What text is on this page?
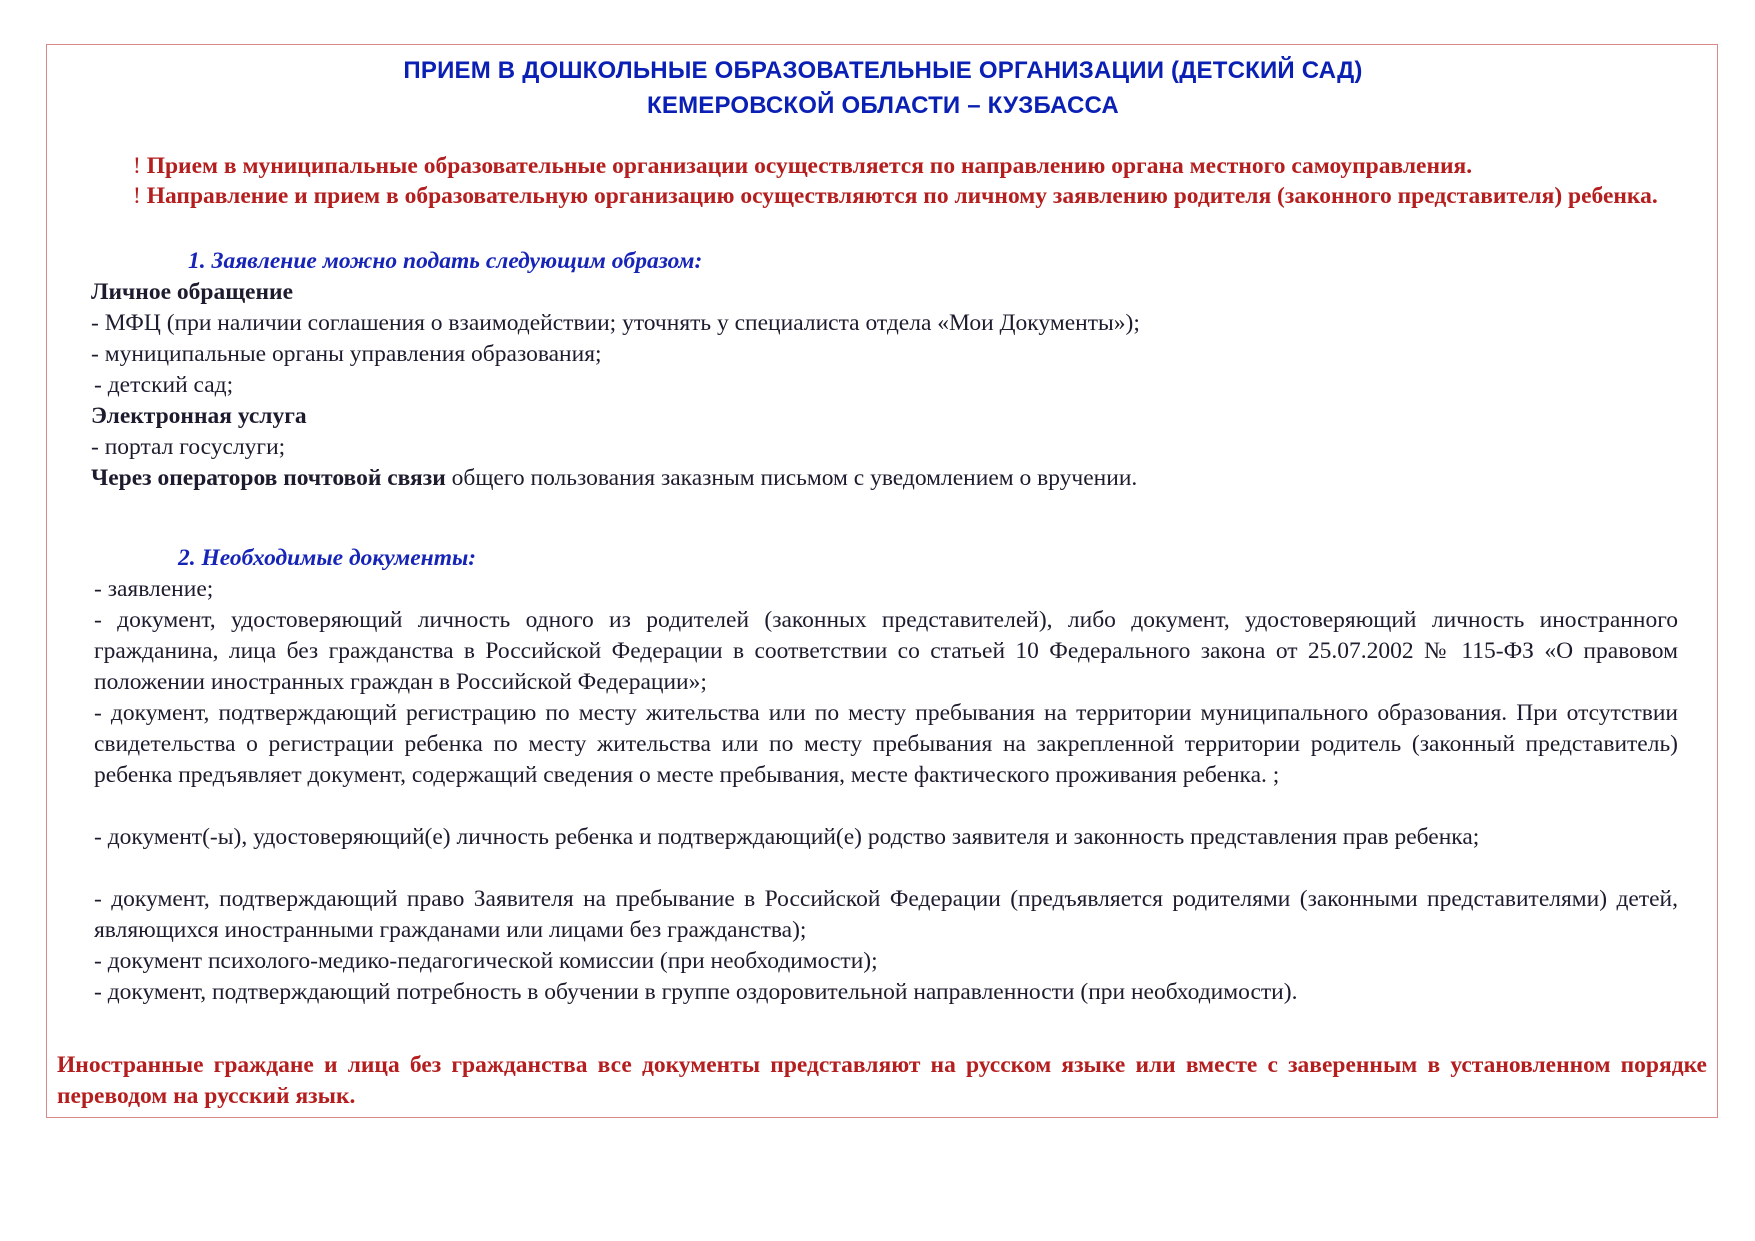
ПРИЕМ В ДОШКОЛЬНЫЕ ОБРАЗОВАТЕЛЬНЫЕ ОРГАНИЗАЦИИ (ДЕТСКИЙ САД)
КЕМЕРОВСКОЙ ОБЛАСТИ – КУЗБАССА
! Прием в муниципальные образовательные организации осуществляется по направлению органа местного самоуправления.
! Направление и прием в образовательную организацию осуществляются по личному заявлению родителя (законного представителя) ребенка.
1. Заявление можно подать следующим образом:
Личное обращение
- МФЦ (при наличии соглашения о взаимодействии; уточнять у специалиста отдела «Мои Документы»);
- муниципальные органы управления образования;
- детский сад;
Электронная услуга
- портал госуслуги;
Через операторов почтовой связи общего пользования заказным письмом с уведомлением о вручении.
2. Необходимые документы:
- заявление;
- документ, удостоверяющий личность одного из родителей (законных представителей), либо документ, удостоверяющий личность иностранного гражданина, лица без гражданства в Российской Федерации в соответствии со статьей 10 Федерального закона от 25.07.2002 № 115-ФЗ «О правовом положении иностранных граждан в Российской Федерации»;
- документ, подтверждающий регистрацию по месту жительства или по месту пребывания на территории муниципального образования. При отсутствии свидетельства о регистрации ребенка по месту жительства или по месту пребывания на закрепленной территории родитель (законный представитель) ребенка предъявляет документ, содержащий сведения о месте пребывания, месте фактического проживания ребенка. ;
- документ(-ы), удостоверяющий(е) личность ребенка и подтверждающий(е) родство заявителя и законность представления прав ребенка;
- документ, подтверждающий право Заявителя на пребывание в Российской Федерации (предъявляется родителями (законными представителями) детей, являющихся иностранными гражданами или лицами без гражданства);
- документ психолого-медико-педагогической комиссии (при необходимости);
- документ, подтверждающий потребность в обучении в группе оздоровительной направленности (при необходимости).
Иностранные граждане и лица без гражданства все документы представляют на русском языке или вместе с заверенным в установленном порядке переводом на русский язык.
